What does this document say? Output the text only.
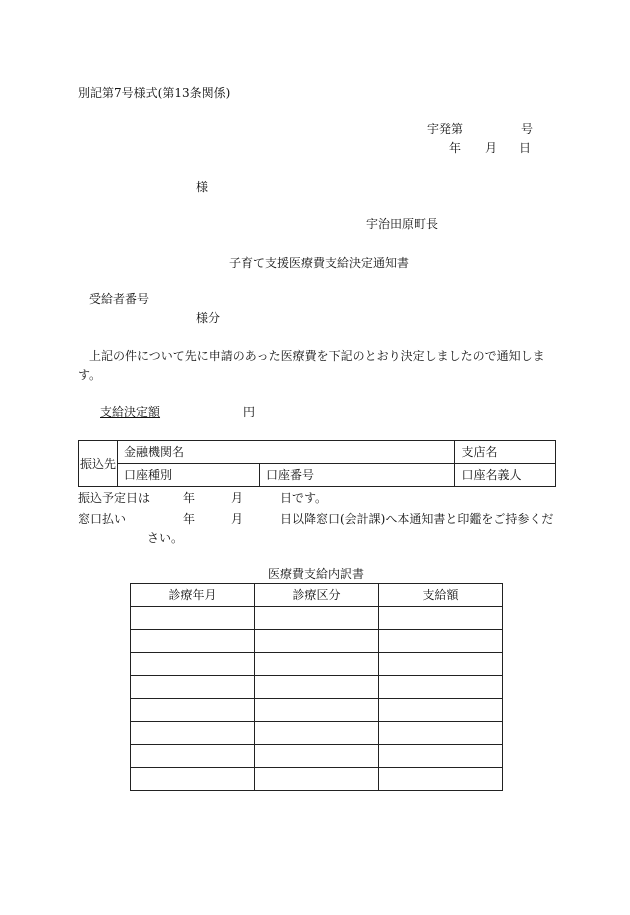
別記第7号様式(第13条関係)
宇発第	号
年 月 日
様
宇治田原町長
子育て支援医療費支給決定通知書
受給者番号
様分
上記の件について先に申請のあった医療費を下記のとおり決定しましたので通知しま
す。
支給決定額	円
振込先	金融機関名		支店名
	口座種別	口座番号	口座名義人
振込予定日は	年	月	日です。
窓口払い	年	月	日以降窓口(会計課)へ本通知書と印鑑をご持参くだ
さい。
医療費支給内訳書
診療年月	診療区分	支給額
